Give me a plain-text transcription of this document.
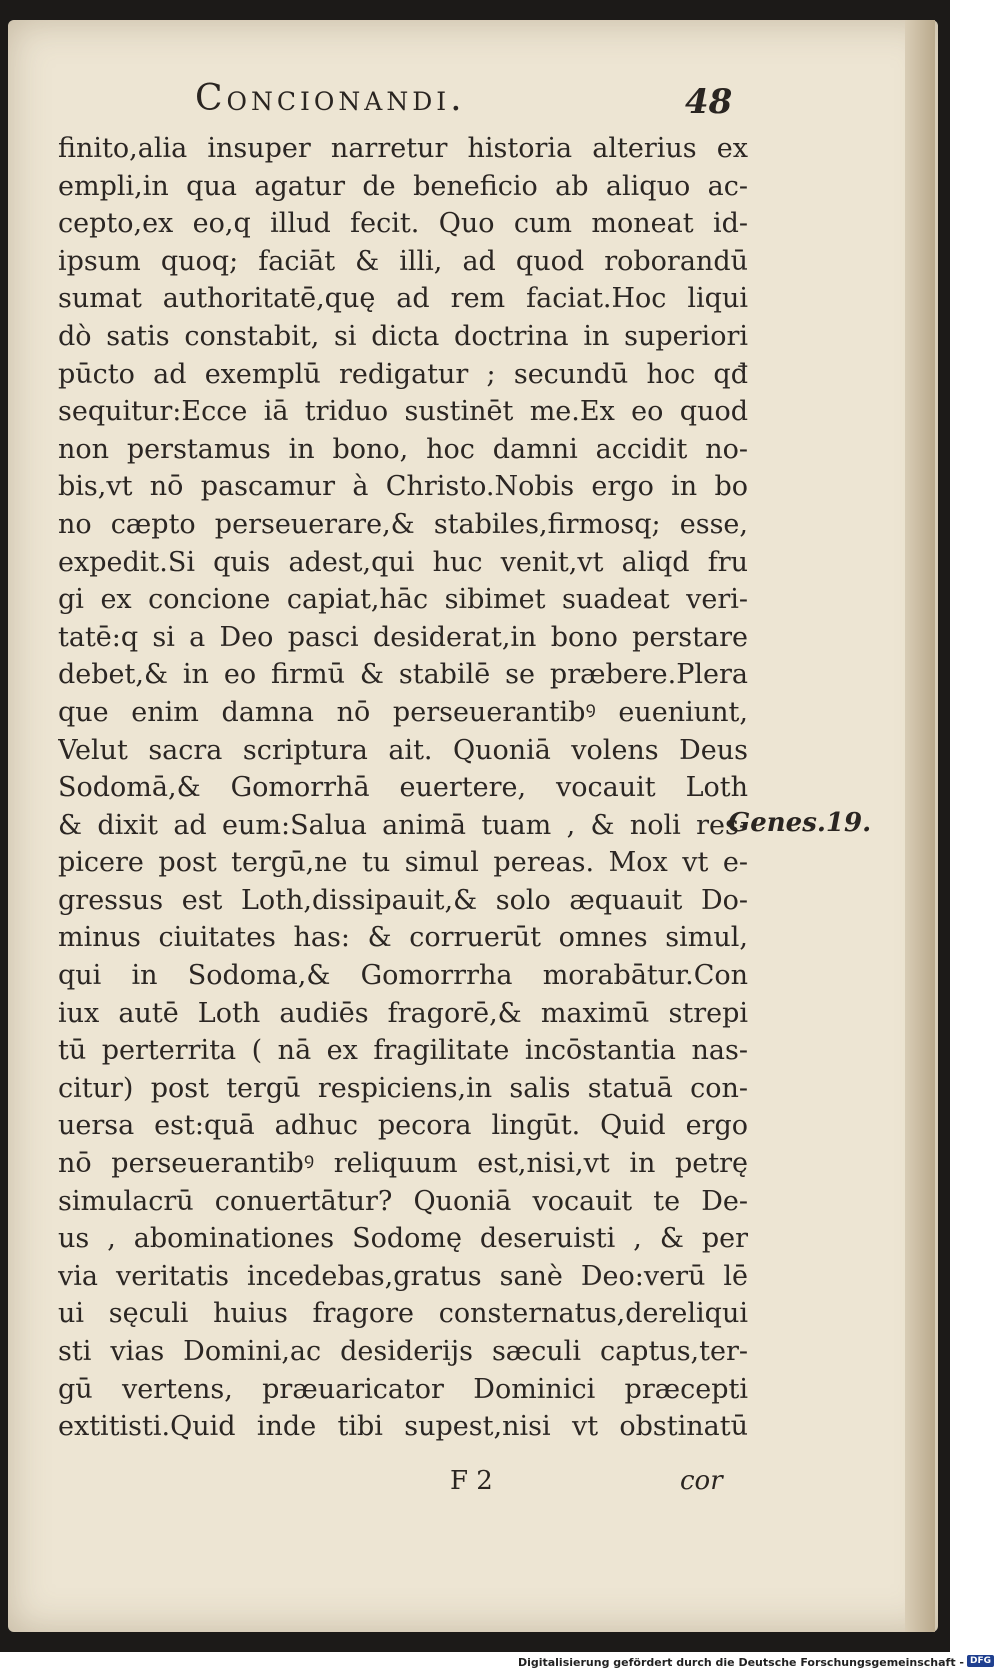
Concionandi.	48
finito,alia insuper narretur historia alterius ex
empli,in qua agatur de beneficio ab aliquo ac-
cepto,ex eo,q illud fecit. Quo cum moneat id-
ipsum quoq; faciāt & illi, ad quod roborandū
sumat authoritatē,quę ad rem faciat.Hoc liqui
dò satis constabit, si dicta doctrina in superiori
pūcto ad exemplū redigatur ; secundū hoc qđ
sequitur:Ecce iā triduo sustinēt me.Ex eo quod
non perstamus in bono, hoc damni accidit no-
bis,vt nō pascamur à Christo.Nobis ergo in bo
no cæpto perseuerare,& stabiles,firmosq; esse,
expedit.Si quis adest,qui huc venit,vt aliqd fru
gi ex concione capiat,hāc sibimet suadeat veri-
tatē:q si a Deo pasci desiderat,in bono perstare
debet,& in eo firmū & stabilē se præbere.Plera
que enim damna nō perseuerantibꝰ eueniunt,
Velut sacra scriptura ait. Quoniā volens Deus
Sodomā,& Gomorrhā euertere, vocauit Loth
& dixit ad eum:Salua animā tuam , & noli res-
picere post tergū,ne tu simul pereas. Mox vt e-
gressus est Loth,dissipauit,& solo æquauit Do-
minus ciuitates has: & corruerūt omnes simul,
qui in Sodoma,& Gomorrrha morabātur.Con
iux autē Loth audiēs fragorē,& maximū strepi
tū perterrita ( nā ex fragilitate incōstantia nas-
citur) post tergū respiciens,in salis statuā con-
uersa est:quā adhuc pecora lingūt. Quid ergo
nō perseuerantibꝰ reliquum est,nisi,vt in petrę
simulacrū conuertātur? Quoniā vocauit te De-
us , abominationes Sodomę deseruisti , & per
via veritatis incedebas,gratus sanè Deo:verū lē
ui sęculi huius fragore consternatus,dereliqui
sti vias Domini,ac desiderijs sæculi captus,ter-
gū vertens, præuaricator Dominici præcepti
extitisti.Quid inde tibi supest,nisi vt obstinatū
Genes.19.
F 2	cor
Digitalisierung gefördert durch die Deutsche Forschungsgemeinschaft - DFG
